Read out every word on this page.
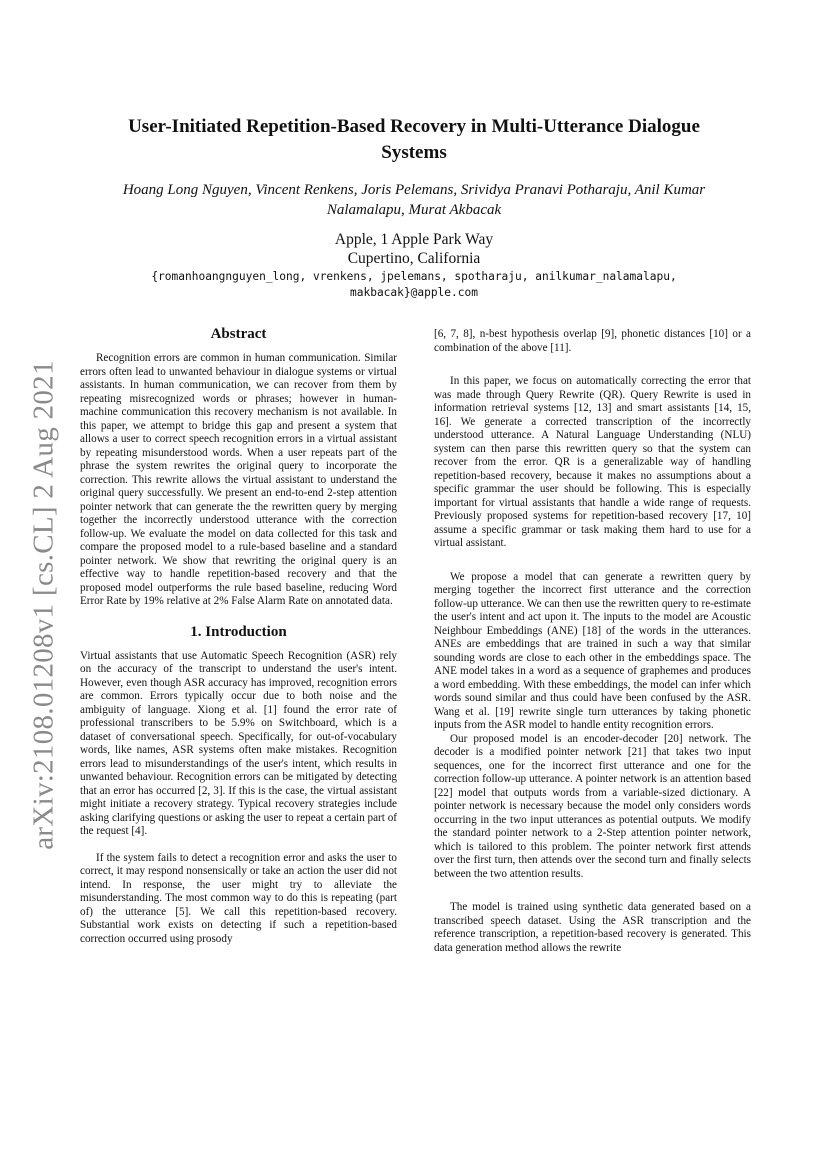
arXiv:2108.01208v1 [cs.CL] 2 Aug 2021
User-Initiated Repetition-Based Recovery in Multi-Utterance Dialogue Systems
Hoang Long Nguyen, Vincent Renkens, Joris Pelemans, Srividya Pranavi Potharaju, Anil Kumar Nalamalapu, Murat Akbacak
Apple, 1 Apple Park Way
Cupertino, California
{romanhoangnguyen_long, vrenkens, jpelemans, spotharaju, anilkumar_nalamalapu, makbacak}@apple.com
Abstract

Recognition errors are common in human communication. Similar errors often lead to unwanted behaviour in dialogue systems or virtual assistants. In human communication, we can recover from them by repeating misrecognized words or phrases; however in human-machine communication this recovery mechanism is not available. In this paper, we attempt to bridge this gap and present a system that allows a user to correct speech recognition errors in a virtual assistant by repeating misunderstood words. When a user repeats part of the phrase the system rewrites the original query to incorporate the correction. This rewrite allows the virtual assistant to understand the original query successfully. We present an end-to-end 2-step attention pointer network that can generate the the rewritten query by merging together the incorrectly understood utterance with the correction follow-up. We evaluate the model on data collected for this task and compare the proposed model to a rule-based baseline and a standard pointer network. We show that rewriting the original query is an effective way to handle repetition-based recovery and that the proposed model outperforms the rule based baseline, reducing Word Error Rate by 19% relative at 2% False Alarm Rate on annotated data.

1. Introduction

Virtual assistants that use Automatic Speech Recognition (ASR) rely on the accuracy of the transcript to understand the user's intent. However, even though ASR accuracy has improved, recognition errors are common. Errors typically occur due to both noise and the ambiguity of language. Xiong et al. [1] found the error rate of professional transcribers to be 5.9% on Switchboard, which is a dataset of conversational speech. Specifically, for out-of-vocabulary words, like names, ASR systems often make mistakes. Recognition errors lead to misunderstandings of the user's intent, which results in unwanted behaviour. Recognition errors can be mitigated by detecting that an error has occurred [2, 3]. If this is the case, the virtual assistant might initiate a recovery strategy. Typical recovery strategies include asking clarifying questions or asking the user to repeat a certain part of the request [4].

If the system fails to detect a recognition error and asks the user to correct, it may respond nonsensically or take an action the user did not intend. In response, the user might try to alleviate the misunderstanding. The most common way to do this is repeating (part of) the utterance [5]. We call this repetition-based recovery. Substantial work exists on detecting if such a repetition-based correction occurred using prosody

[6, 7, 8], n-best hypothesis overlap [9], phonetic distances [10] or a combination of the above [11].

In this paper, we focus on automatically correcting the error that was made through Query Rewrite (QR). Query Rewrite is used in information retrieval systems [12, 13] and smart assistants [14, 15, 16]. We generate a corrected transcription of the incorrectly understood utterance. A Natural Language Understanding (NLU) system can then parse this rewritten query so that the system can recover from the error. QR is a generalizable way of handling repetition-based recovery, because it makes no assumptions about a specific grammar the user should be following. This is especially important for virtual assistants that handle a wide range of requests. Previously proposed systems for repetition-based recovery [17, 10] assume a specific grammar or task making them hard to use for a virtual assistant.

We propose a model that can generate a rewritten query by merging together the incorrect first utterance and the correction follow-up utterance. We can then use the rewritten query to re-estimate the user's intent and act upon it. The inputs to the model are Acoustic Neighbour Embeddings (ANE) [18] of the words in the utterances. ANEs are embeddings that are trained in such a way that similar sounding words are close to each other in the embeddings space. The ANE model takes in a word as a sequence of graphemes and produces a word embedding. With these embeddings, the model can infer which words sound similar and thus could have been confused by the ASR. Wang et al. [19] rewrite single turn utterances by taking phonetic inputs from the ASR model to handle entity recognition errors.

Our proposed model is an encoder-decoder [20] network. The decoder is a modified pointer network [21] that takes two input sequences, one for the incorrect first utterance and one for the correction follow-up utterance. A pointer network is an attention based [22] model that outputs words from a variable-sized dictionary. A pointer network is necessary because the model only considers words occurring in the two input utterances as potential outputs. We modify the standard pointer network to a 2-Step attention pointer network, which is tailored to this problem. The pointer network first attends over the first turn, then attends over the second turn and finally selects between the two attention results.

The model is trained using synthetic data generated based on a transcribed speech dataset. Using the ASR transcription and the reference transcription, a repetition-based recovery is generated. This data generation method allows the rewrite
